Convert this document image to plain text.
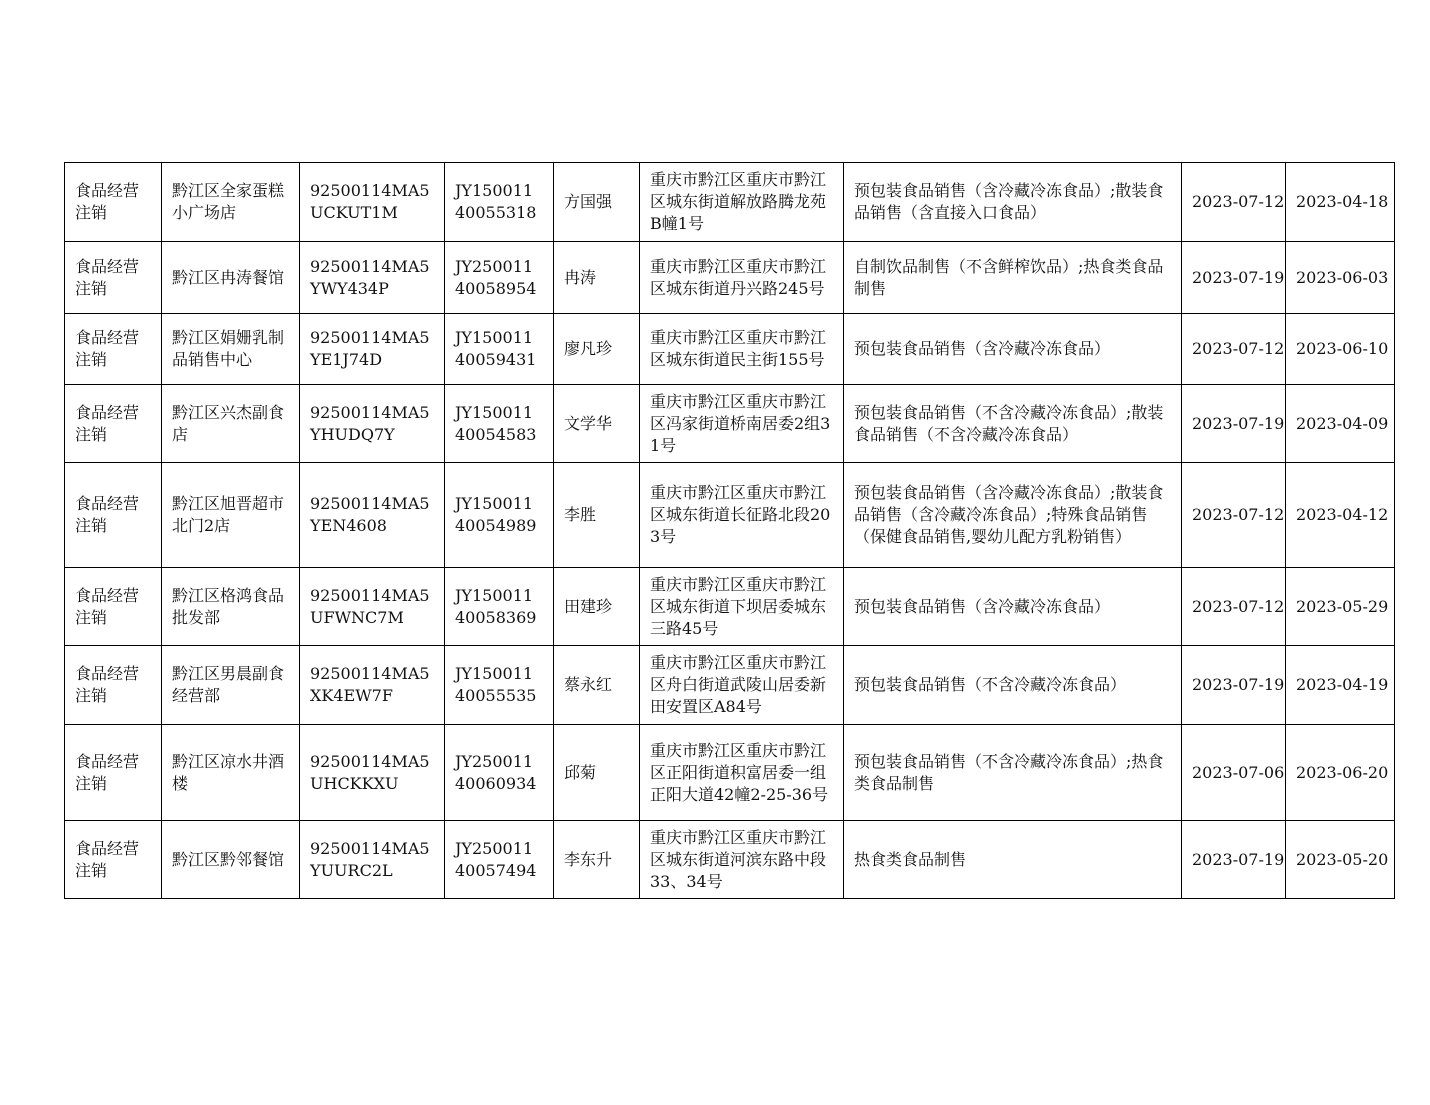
食品经营注销	黔江区全家蛋糕小广场店	92500114MA5UCKUT1M	JY15001140055318	方国强	重庆市黔江区重庆市黔江区城东街道解放路腾龙苑B幢1号	预包装食品销售（含冷藏冷冻食品）;散装食品销售（含直接入口食品）	2023-07-12	2023-04-18
食品经营注销	黔江区冉涛餐馆	92500114MA5YWY434P	JY25001140058954	冉涛	重庆市黔江区重庆市黔江区城东街道丹兴路245号	自制饮品制售（不含鲜榨饮品）;热食类食品制售	2023-07-19	2023-06-03
食品经营注销	黔江区娟姗乳制品销售中心	92500114MA5YE1J74D	JY15001140059431	廖凡珍	重庆市黔江区重庆市黔江区城东街道民主街155号	预包装食品销售（含冷藏冷冻食品）	2023-07-12	2023-06-10
食品经营注销	黔江区兴杰副食店	92500114MA5YHUDQ7Y	JY15001140054583	文学华	重庆市黔江区重庆市黔江区冯家街道桥南居委2组31号	预包装食品销售（不含冷藏冷冻食品）;散装食品销售（不含冷藏冷冻食品）	2023-07-19	2023-04-09
食品经营注销	黔江区旭晋超市北门2店	92500114MA5YEN4608	JY15001140054989	李胜	重庆市黔江区重庆市黔江区城东街道长征路北段203号	预包装食品销售（含冷藏冷冻食品）;散装食品销售（含冷藏冷冻食品）;特殊食品销售（保健食品销售,婴幼儿配方乳粉销售）	2023-07-12	2023-04-12
食品经营注销	黔江区格鸿食品批发部	92500114MA5UFWNC7M	JY15001140058369	田建珍	重庆市黔江区重庆市黔江区城东街道下坝居委城东三路45号	预包装食品销售（含冷藏冷冻食品）	2023-07-12	2023-05-29
食品经营注销	黔江区男晨副食经营部	92500114MA5XK4EW7F	JY15001140055535	蔡永红	重庆市黔江区重庆市黔江区舟白街道武陵山居委新田安置区A84号	预包装食品销售（不含冷藏冷冻食品）	2023-07-19	2023-04-19
食品经营注销	黔江区凉水井酒楼	92500114MA5UHCKKXU	JY25001140060934	邱菊	重庆市黔江区重庆市黔江区正阳街道积富居委一组正阳大道42幢2-25-36号	预包装食品销售（不含冷藏冷冻食品）;热食类食品制售	2023-07-06	2023-06-20
食品经营注销	黔江区黔邻餐馆	92500114MA5YUURC2L	JY25001140057494	李东升	重庆市黔江区重庆市黔江区城东街道河滨东路中段33、34号	热食类食品制售	2023-07-19	2023-05-20
